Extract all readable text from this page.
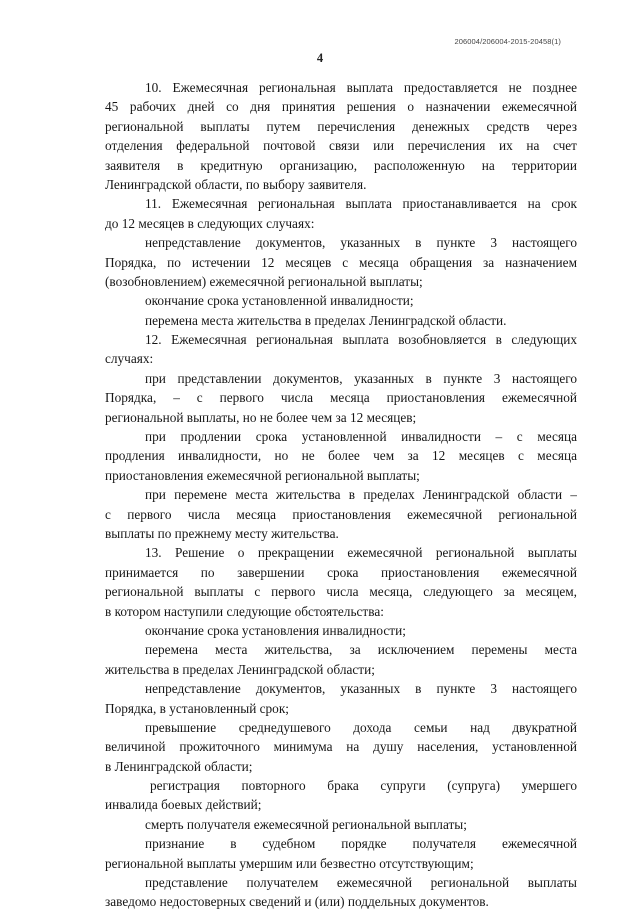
206004/206004-2015-20458(1)
4

10. Ежемесячная региональная выплата предоставляется не позднее

45 рабочих дней со дня принятия решения о назначении ежемесячной

региональной выплаты путем перечисления денежных средств через

отделения федеральной почтовой связи или перечисления их на счет

заявителя в кредитную организацию, расположенную на территории

Ленинградской области, по выбору заявителя.

11. Ежемесячная региональная выплата приостанавливается на срок

до 12 месяцев в следующих случаях:

непредставление документов, указанных в пункте 3 настоящего

Порядка, по истечении 12 месяцев с месяца обращения за назначением

(возобновлением) ежемесячной региональной выплаты;

окончание срока установленной инвалидности;

перемена места жительства в пределах Ленинградской области.

12. Ежемесячная региональная выплата возобновляется в следующих

случаях:

при представлении документов, указанных в пункте 3 настоящего

Порядка, – с первого числа месяца приостановления ежемесячной

региональной выплаты, но не более чем за 12 месяцев;

при продлении срока установленной инвалидности – с месяца

продления инвалидности, но не более чем за 12 месяцев с месяца

приостановления ежемесячной региональной выплаты;

при перемене места жительства в пределах Ленинградской области –

с первого числа месяца приостановления ежемесячной региональной

выплаты по прежнему месту жительства.

13. Решение о прекращении ежемесячной региональной выплаты

принимается по завершении срока приостановления ежемесячной

региональной выплаты с первого числа месяца, следующего за месяцем,

в котором наступили следующие обстоятельства:

окончание срока установления инвалидности;

перемена места жительства, за исключением перемены места

жительства в пределах Ленинградской области;

непредставление документов, указанных в пункте 3 настоящего

Порядка, в установленный срок;

превышение среднедушевого дохода семьи над двукратной

величиной прожиточного минимума на душу населения, установленной

в Ленинградской области;

регистрация повторного брака супруги (супруга) умершего

инвалида боевых действий;

смерть получателя ежемесячной региональной выплаты;

признание в судебном порядке получателя ежемесячной

региональной выплаты умершим или безвестно отсутствующим;

представление получателем ежемесячной региональной выплаты

заведомо недостоверных сведений и (или) поддельных документов.
